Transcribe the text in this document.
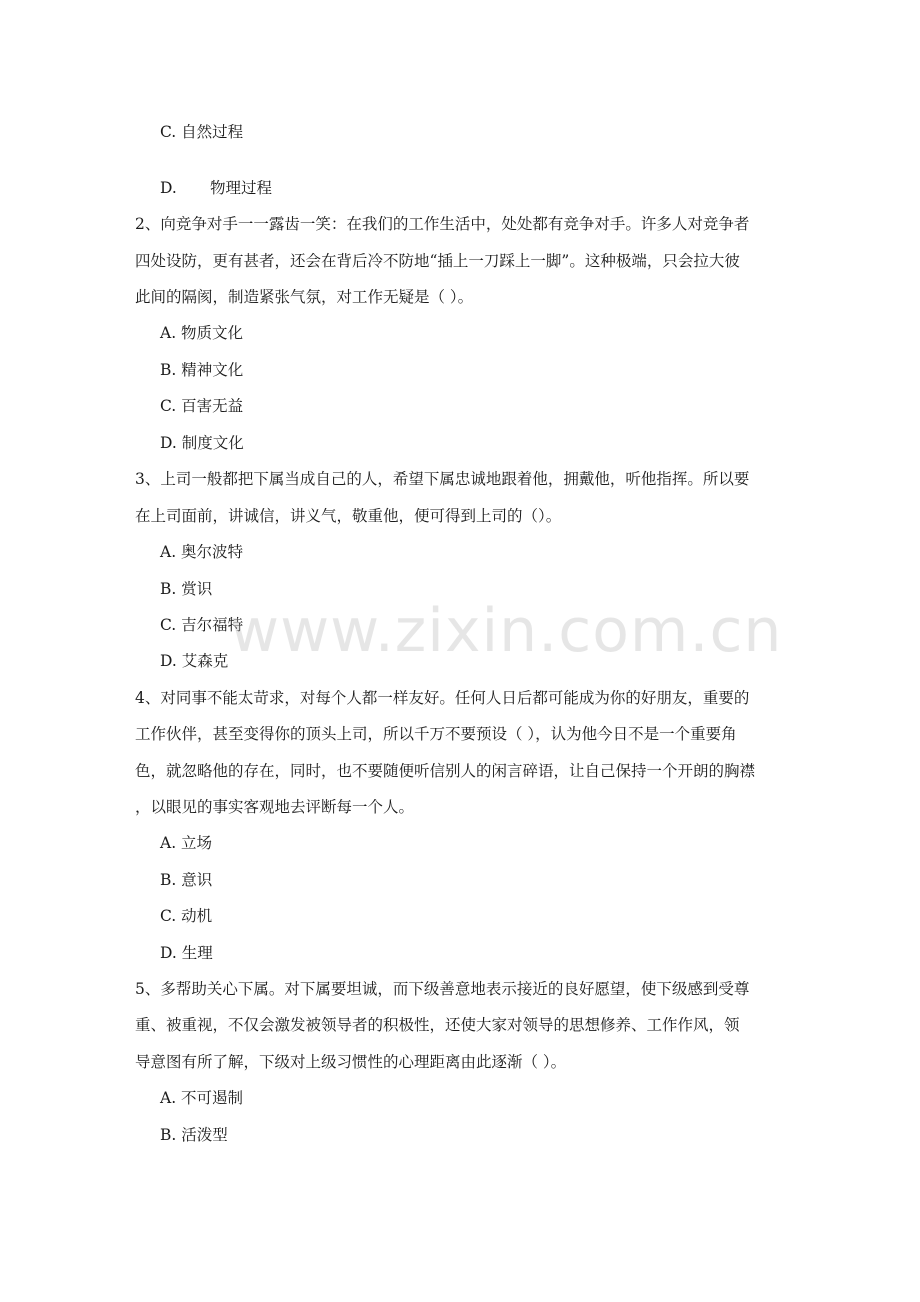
C. 自然过程
D. 物理过程
2、向竞争对手一一露齿一笑：在我们的工作生活中，处处都有竞争对手。许多人对竞争者
四处设防，更有甚者，还会在背后冷不防地“插上一刀踩上一脚”。这种极端，只会拉大彼
此间的隔阂，制造紧张气氛，对工作无疑是（ ）。
A. 物质文化
B. 精神文化
C. 百害无益
D. 制度文化
3、上司一般都把下属当成自己的人，希望下属忠诚地跟着他，拥戴他，听他指挥。所以要
在上司面前，讲诚信，讲义气，敬重他，便可得到上司的（）。
A. 奥尔波特
B. 赏识
C. 吉尔福特
D. 艾森克
4、对同事不能太苛求，对每个人都一样友好。任何人日后都可能成为你的好朋友，重要的
工作伙伴，甚至变得你的顶头上司，所以千万不要预设（ ），认为他今日不是一个重要角
色，就忽略他的存在，同时，也不要随便听信别人的闲言碎语，让自己保持一个开朗的胸襟
，以眼见的事实客观地去评断每一个人。
A. 立场
B. 意识
C. 动机
D. 生理
5、多帮助关心下属。对下属要坦诚，而下级善意地表示接近的良好愿望，使下级感到受尊
重、被重视，不仅会激发被领导者的积极性，还使大家对领导的思想修养、工作作风，领
导意图有所了解，下级对上级习惯性的心理距离由此逐渐（ ）。
A. 不可遏制
B. 活泼型
www.zixin.com.cn
